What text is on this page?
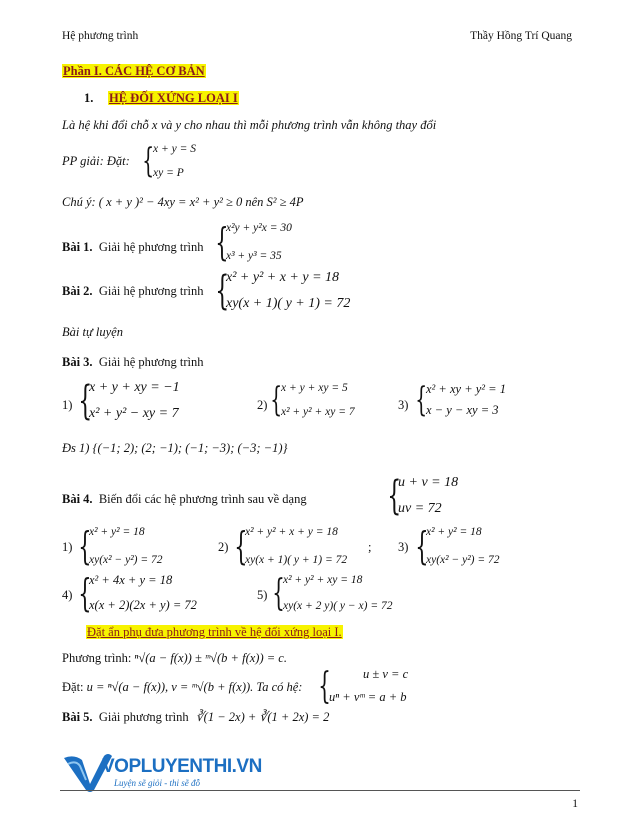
Hệ phương trình	Thầy Hồng Trí Quang
Phần I. CÁC HỆ CƠ BẢN
1. HỆ ĐỐI XỨNG LOẠI I
Là hệ khi đổi chỗ x và y cho nhau thì mỗi phương trình vẫn không thay đổi
PP giải: Đặt: {
x + y = S
xy = P
Chú ý: ( x + y )² − 4xy = x² + y² ≥ 0 nên S² ≥ 4P
Bài 1. Giải hệ phương trình {
x²y + y²x = 30
x³ + y³ = 35
Bài 2. Giải hệ phương trình {
x² + y² + x + y = 18
xy(x + 1)( y + 1) = 72
Bài tự luyện
Bài 3. Giải hệ phương trình
1) {
x + y + xy = −1
x² + y² − xy = 7
2) {
x + y + xy = 5
x² + y² + xy = 7	3) {
x² + xy + y² = 1
x − y − xy = 3
Đs 1) {(−1; 2); (2; −1); (−1; −3); (−3; −1)}
Bài 4. Biến đổi các hệ phương trình sau về dạng {
u + v = 18
uv = 72
1) {
x² + y² = 18
xy(x² − y²) = 72
2) {
x² + y² + x + y = 18
xy(x + 1)( y + 1) = 72
; 3) {
x² + y² = 18
xy(x² − y²) = 72
4) {
x² + 4x + y = 18
x(x + 2)(2x + y) = 72
5) {
x² + y² + xy = 18
xy(x + 2 y)( y − x) = 72
Đặt ẩn phụ đưa phương trình về hệ đối xứng loại I.
Phương trình: ⁿ√(a − f(x)) ± ᵐ√(b + f(x)) = c.
Đặt: u = ⁿ√(a − f(x)), v = ᵐ√(b + f(x)). Ta có hệ: {	u ± v = c
uⁿ + vᵐ = a + b
Bài 5. Giải phương trình ∛(1 − 2x) + ∛(1 + 2x) = 2
VOPLUYENTHI.VN
Luyện sẽ giỏi - thi sẽ đỗ
1
